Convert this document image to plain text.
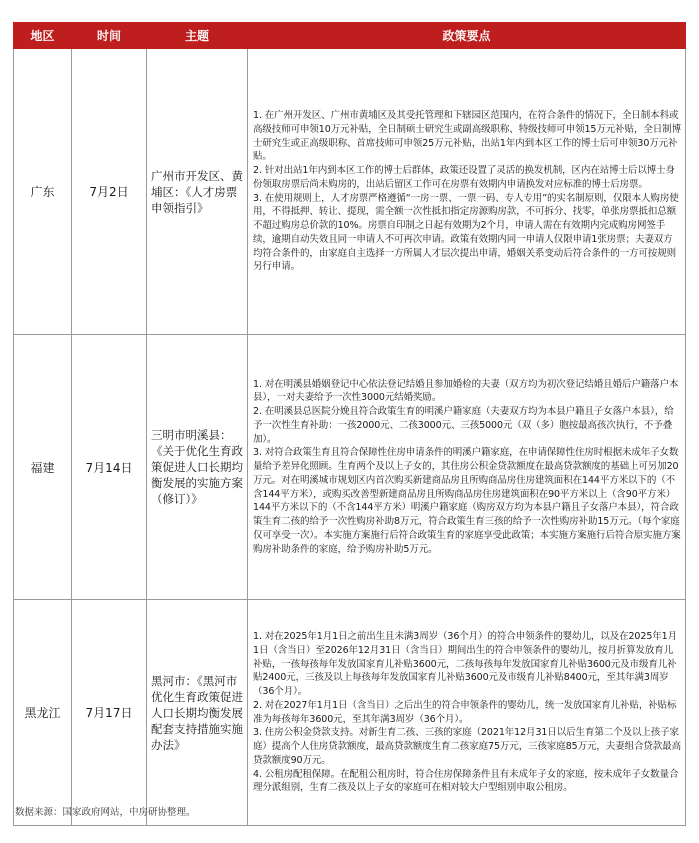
地区	时间	主题	政策要点
广东	7月2日	广州市开发区、黄埔区：《人才房票申领指引》	1. 在广州开发区、广州市黄埔区及其受托管理和下辖园区范围内，在符合条件的情况下，全日制本科或高级技师可申领10万元补贴，全日制硕士研究生或副高级职称、特级技师可申领15万元补贴，全日制博士研究生或正高级职称、首席技师可申领25万元补贴，出站1年内到本区工作的博士后可申领30万元补贴。

2. 针对出站1年内到本区工作的博士后群体，政策还设置了灵活的换发机制，区内在站博士后以博士身份领取房票后尚未购房的，出站后留区工作可在房票有效期内申请换发对应标准的博士后房票。

3. 在使用规则上，人才房票严格遵循“一房一票、一票一码、专人专用”的实名制原则，仅限本人购房使用，不得抵押、转让、提现，需全额一次性抵扣指定房源购房款，不可拆分、找零，单张房票抵扣总额不超过购房总价款的10%。房票自印制之日起有效期为2个月，申请人需在有效期内完成购房网签手续，逾期自动失效且同一申请人不可再次申请。政策有效期内同一申请人仅限申请1张房票；夫妻双方均符合条件的，由家庭自主选择一方所属人才层次提出申请，婚姻关系变动后符合条件的一方可按规则另行申请。

福建	7月14日	三明市明溪县：《关于优化生育政策促进人口长期均衡发展的实施方案（修订）》	1. 对在明溪县婚姻登记中心依法登记结婚且参加婚检的夫妻（双方均为初次登记结婚且婚后户籍落户本县），一对夫妻给予一次性3000元结婚奖励。

2. 在明溪县总医院分娩且符合政策生育的明溪户籍家庭（夫妻双方均为本县户籍且子女落户本县），给予一次性生育补助：一孩2000元、二孩3000元、三孩5000元（双（多）胞按最高孩次执行，不予叠加）。

3. 对符合政策生育且符合保障性住房申请条件的明溪户籍家庭，在申请保障性住房时根据未成年子女数量给予差异化照顾。生育两个及以上子女的，其住房公积金贷款额度在最高贷款额度的基础上可另加20万元。对在明溪城市规划区内首次购买新建商品房且所购商品房住房建筑面积在144平方米以下的（不含144平方米），或购买改善型新建商品房且所购商品房住房建筑面积在90平方米以上（含90平方米）144平方米以下的（不含144平方米）明溪户籍家庭（购房双方均为本县户籍且子女落户本县），符合政策生育二孩的给予一次性购房补助8万元，符合政策生育三孩的给予一次性购房补助15万元。（每个家庭仅可享受一次）。本实施方案施行后符合政策生育的家庭享受此政策；本实施方案施行后符合原实施方案购房补助条件的家庭，给予购房补助5万元。

黑龙江	7月17日	黑河市：《黑河市优化生育政策促进人口长期均衡发展配套支持措施实施办法》	1. 对在2025年1月1日之前出生且未满3周岁（36个月）的符合申领条件的婴幼儿，以及在2025年1月1日（含当日）至2026年12月31日（含当日）期间出生的符合申领条件的婴幼儿，按月折算发放育儿补贴，一孩每孩每年发放国家育儿补贴3600元，二孩每孩每年发放国家育儿补贴3600元及市级育儿补贴2400元，三孩及以上每孩每年发放国家育儿补贴3600元及市级育儿补贴8400元，至其年满3周岁（36个月）。

2. 对在2027年1月1日（含当日）之后出生的符合申领条件的婴幼儿，统一发放国家育儿补贴，补贴标准为每孩每年3600元，至其年满3周岁（36个月）。

3. 住房公积金贷款支持。对新生育二孩、三孩的家庭（2021年12月31日以后生育第二个及以上孩子家庭）提高个人住房贷款额度，最高贷款额度生育二孩家庭75万元，三孩家庭85万元，夫妻组合贷款最高贷款额度90万元。

4. 公租房配租保障。在配租公租房时，符合住房保障条件且有未成年子女的家庭，按未成年子女数量合理分派组别，生育二孩及以上子女的家庭可在相对较大户型组别申取公租房。

数据来源：国家政府网站，中房研协整理。
